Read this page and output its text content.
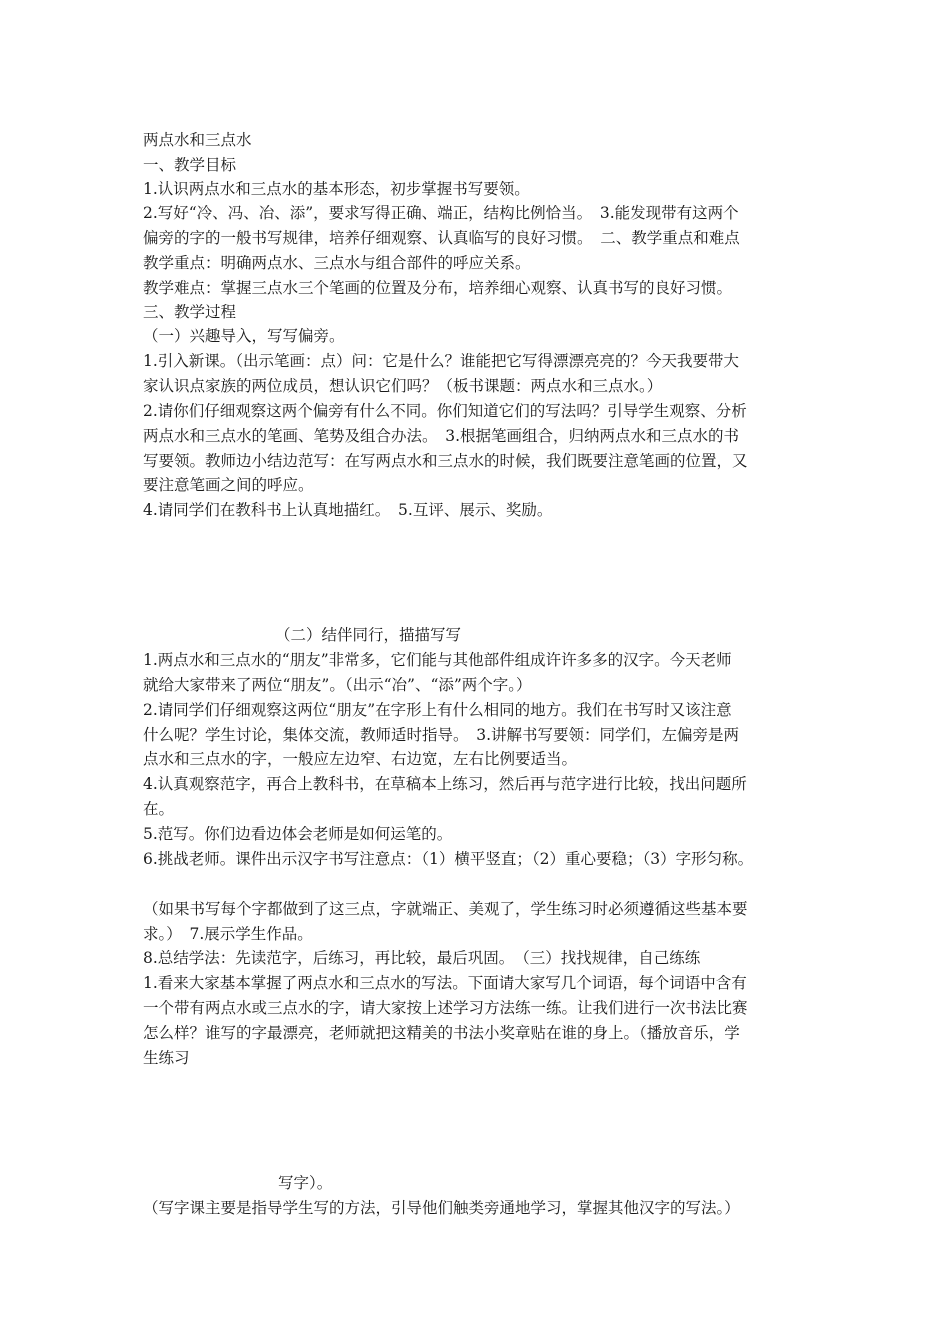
两点水和三点水
一、教学目标
1.认识两点水和三点水的基本形态，初步掌握书写要领。
2.写好“冷、冯、冶、添”，要求写得正确、端正，结构比例恰当。　3.能发现带有这两个
偏旁的字的一般书写规律，培养仔细观察、认真临写的良好习惯。　二、教学重点和难点
教学重点：明确两点水、三点水与组合部件的呼应关系。
教学难点：掌握三点水三个笔画的位置及分布，培养细心观察、认真书写的良好习惯。
三、教学过程
（一）兴趣导入，写写偏旁。
1.引入新课。（出示笔画：点）问：它是什么？谁能把它写得漂漂亮亮的？今天我要带大
家认识点家族的两位成员，想认识它们吗？（板书课题：两点水和三点水。）
2.请你们仔细观察这两个偏旁有什么不同。你们知道它们的写法吗？引导学生观察、分析
两点水和三点水的笔画、笔势及组合办法。　3.根据笔画组合，归纳两点水和三点水的书
写要领。教师边小结边范写：在写两点水和三点水的时候，我们既要注意笔画的位置，又
要注意笔画之间的呼应。
4.请同学们在教科书上认真地描红。　5.互评、展示、奖励。
（二）结伴同行，描描写写
1.两点水和三点水的“朋友”非常多，它们能与其他部件组成许许多多的汉字。今天老师
就给大家带来了两位“朋友”。（出示“冶”、“添”两个字。）
2.请同学们仔细观察这两位“朋友”在字形上有什么相同的地方。我们在书写时又该注意
什么呢？学生讨论，集体交流，教师适时指导。　3.讲解书写要领：同学们，左偏旁是两
点水和三点水的字，一般应左边窄、右边宽，左右比例要适当。
4.认真观察范字，再合上教科书，在草稿本上练习，然后再与范字进行比较，找出问题所
在。
5.范写。你们边看边体会老师是如何运笔的。
6.挑战老师。课件出示汉字书写注意点：（1）横平竖直；（2）重心要稳；（3）字形匀称。
（如果书写每个字都做到了这三点，字就端正、美观了，学生练习时必须遵循这些基本要
求。）　7.展示学生作品。
8.总结学法：先读范字，后练习，再比较，最后巩固。　（三）找找规律，自己练练
1.看来大家基本掌握了两点水和三点水的写法。下面请大家写几个词语，每个词语中含有
一个带有两点水或三点水的字，请大家按上述学习方法练一练。让我们进行一次书法比赛
怎么样？谁写的字最漂亮，老师就把这精美的书法小奖章贴在谁的身上。（播放音乐，学
生练习
写字）。
（写字课主要是指导学生写的方法，引导他们触类旁通地学习，掌握其他汉字的写法。）
